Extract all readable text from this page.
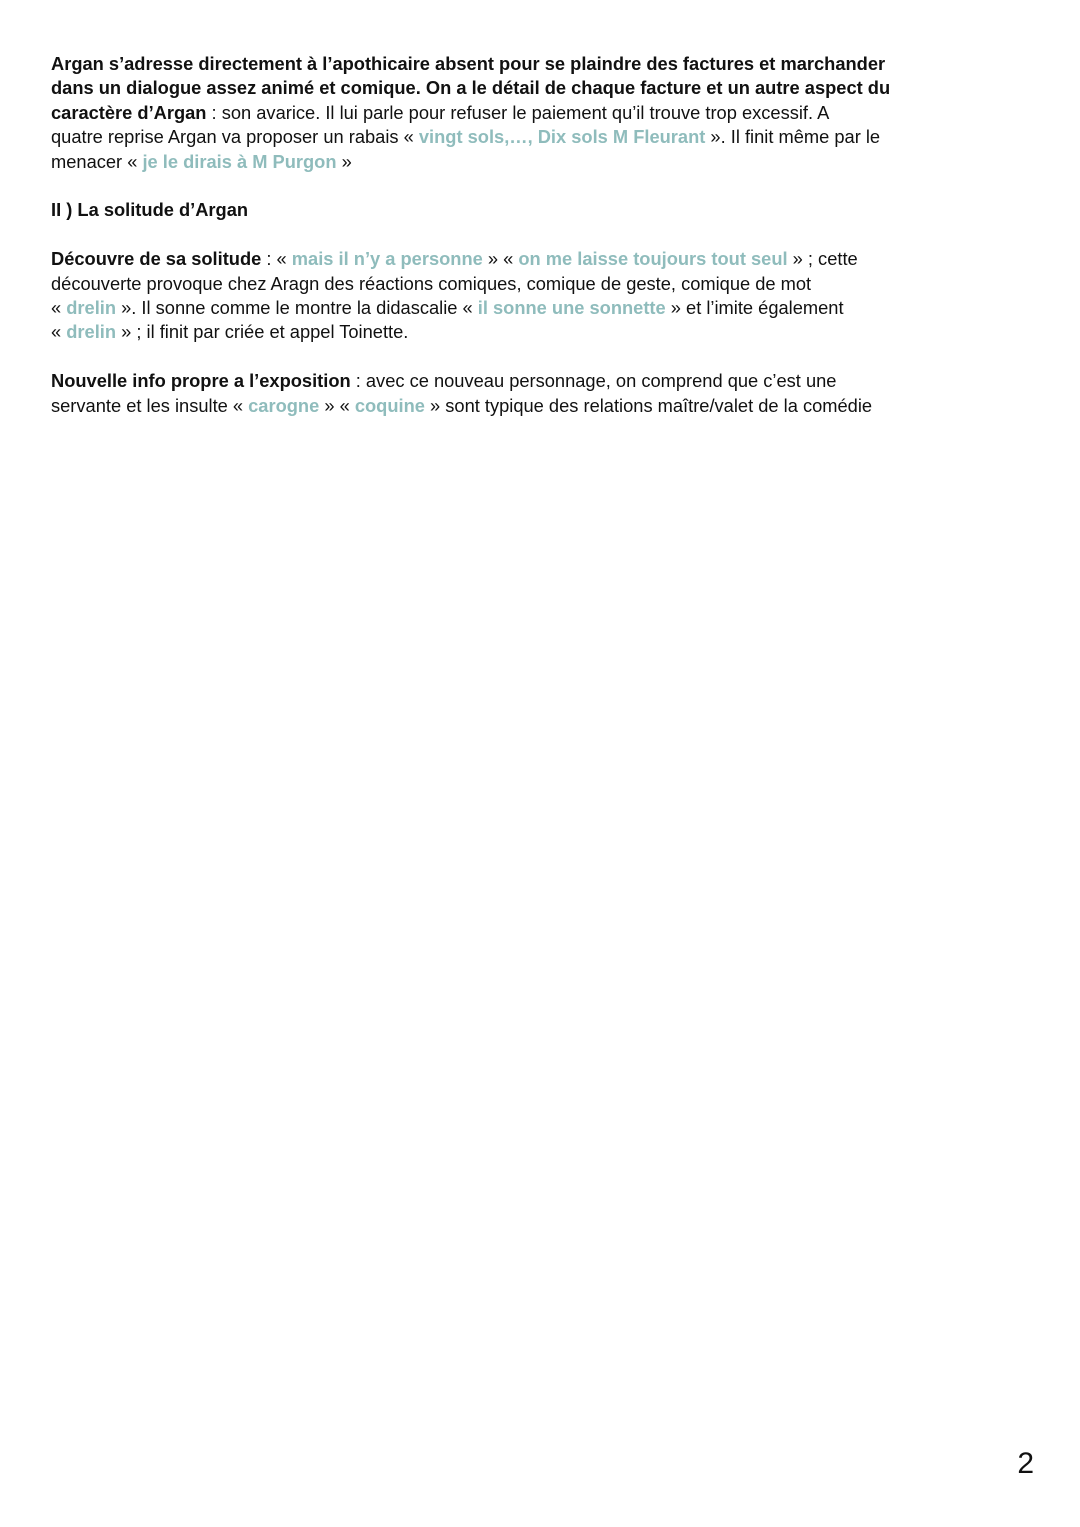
Argan s’adresse directement à l’apothicaire absent pour se plaindre des factures et marchander
dans un dialogue assez animé et comique. On a le détail de chaque facture et un autre aspect du
caractère d’Argan : son avarice. Il lui parle pour refuser le paiement qu’il trouve trop excessif. A
quatre reprise Argan va proposer un rabais « vingt sols,…, Dix sols M Fleurant ». Il finit même par le
menacer « je le dirais à M Purgon »

II ) La solitude d’Argan

Découvre de sa solitude : « mais il n’y a personne » « on me laisse toujours tout seul » ; cette
découverte provoque chez Aragn des réactions comiques, comique de geste, comique de mot
« drelin ». Il sonne comme le montre la didascalie « il sonne une sonnette » et l’imite également
« drelin » ; il finit par criée et appel Toinette.

Nouvelle info propre a l’exposition : avec ce nouveau personnage, on comprend que c’est une
servante et les insulte « carogne » « coquine » sont typique des relations maître/valet de la comédie

2
